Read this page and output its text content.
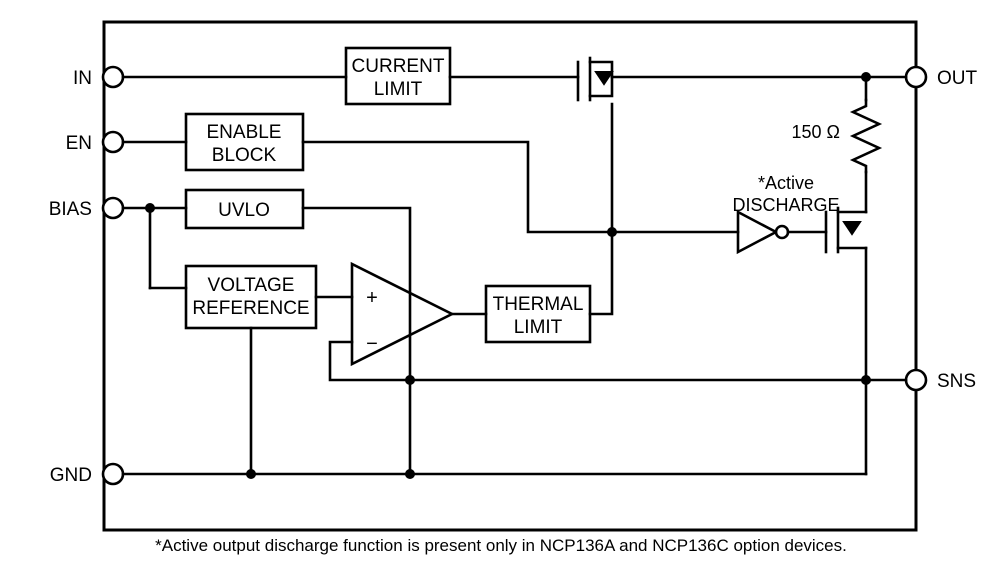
IN
EN
BIAS
GND
OUT
SNS
CURRENT
LIMIT
ENABLE
BLOCK
UVLO
VOLTAGE
REFERENCE	+
−
THERMAL
LIMIT
150 Ω
*Active
DISCHARGE
*Active output discharge function is present only in NCP136A and NCP136C option devices.
